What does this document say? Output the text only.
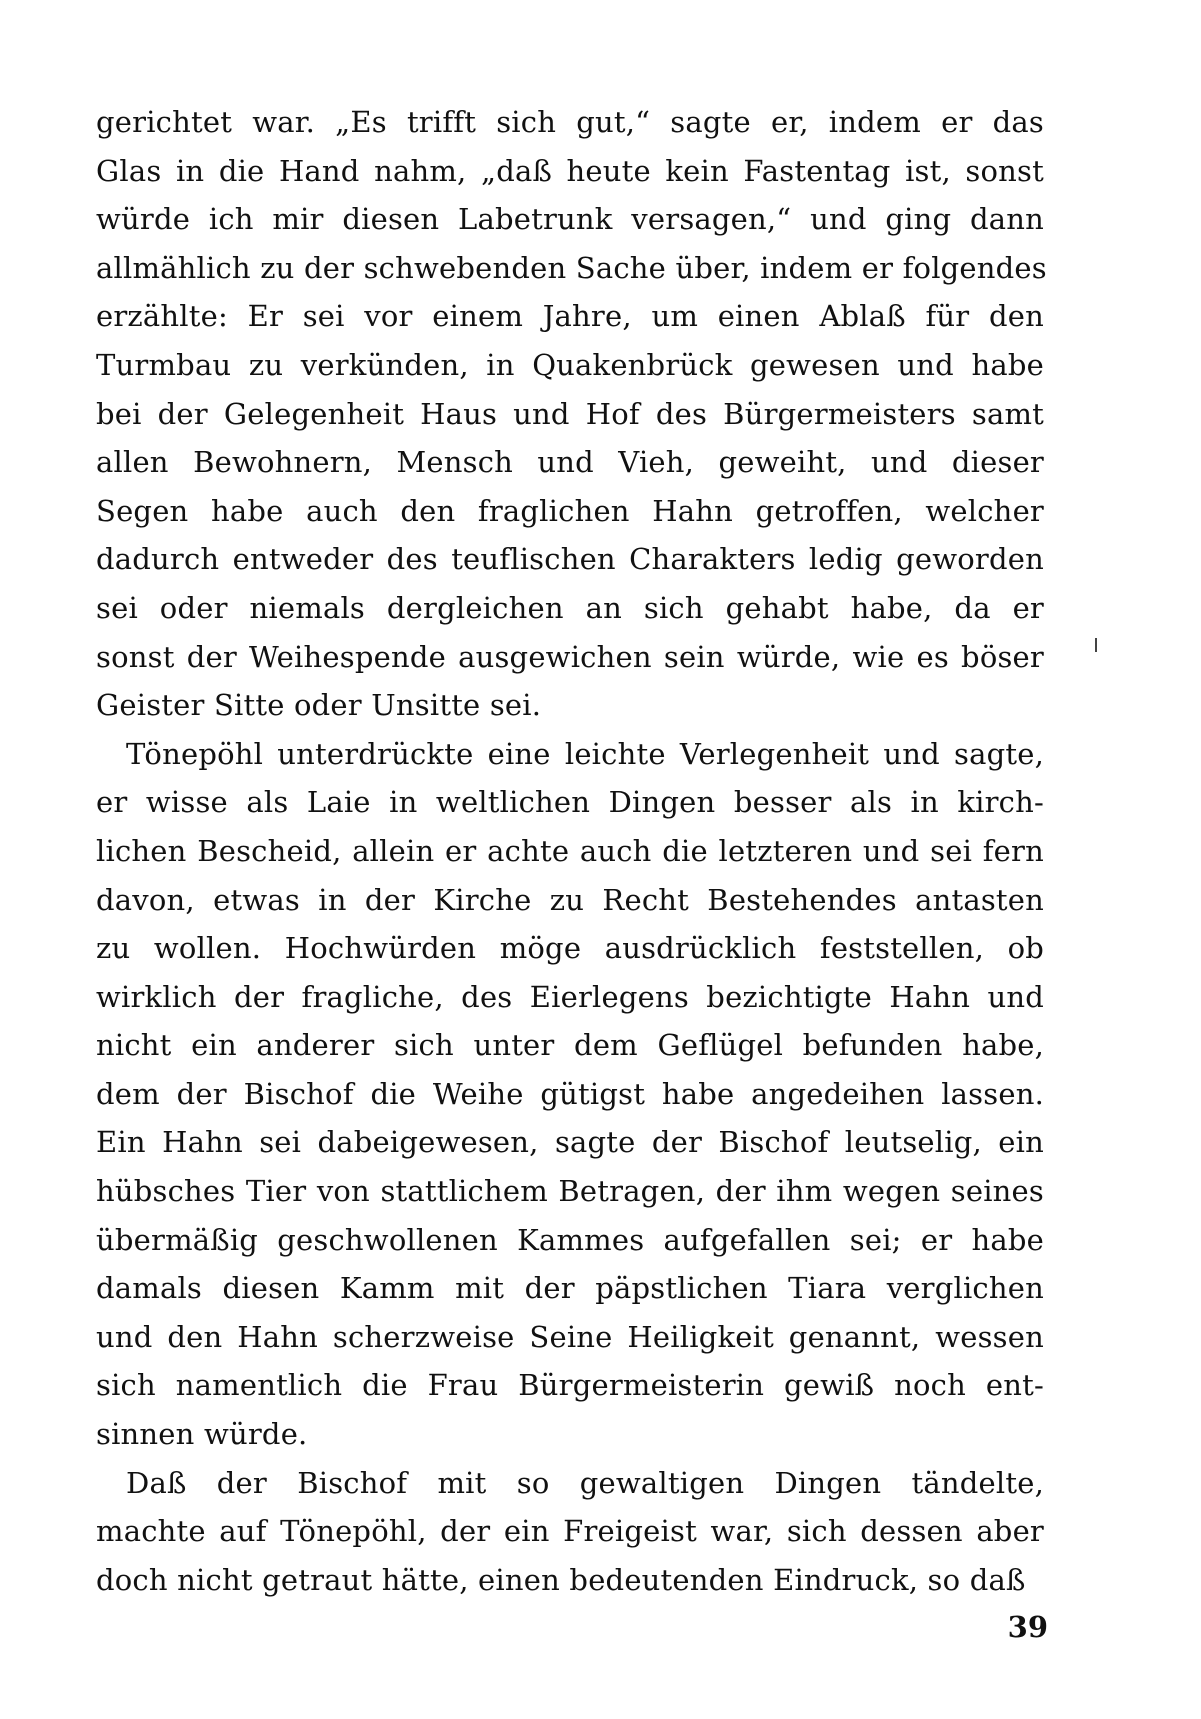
gerichtet war. „Es trifft sich gut,“ sagte er, indem er das
Glas in die Hand nahm, „daß heute kein Fastentag ist, sonst
würde ich mir diesen Labetrunk versagen,“ und ging dann
allmählich zu der schwebenden Sache über, indem er folgendes
erzählte: Er sei vor einem Jahre, um einen Ablaß für den
Turmbau zu verkünden, in Quakenbrück gewesen und habe
bei der Gelegenheit Haus und Hof des Bürgermeisters samt
allen Bewohnern, Mensch und Vieh, geweiht, und dieser
Segen habe auch den fraglichen Hahn getroffen, welcher
dadurch entweder des teuflischen Charakters ledig geworden
sei oder niemals dergleichen an sich gehabt habe, da er
sonst der Weihespende ausgewichen sein würde, wie es böser
Geister Sitte oder Unsitte sei.
Tönepöhl unterdrückte eine leichte Verlegenheit und sagte,
er wisse als Laie in weltlichen Dingen besser als in kirch-
lichen Bescheid, allein er achte auch die letzteren und sei fern
davon, etwas in der Kirche zu Recht Bestehendes antasten
zu wollen. Hochwürden möge ausdrücklich feststellen, ob
wirklich der fragliche, des Eierlegens bezichtigte Hahn und
nicht ein anderer sich unter dem Geflügel befunden habe,
dem der Bischof die Weihe gütigst habe angedeihen lassen.
Ein Hahn sei dabeigewesen, sagte der Bischof leutselig, ein
hübsches Tier von stattlichem Betragen, der ihm wegen seines
übermäßig geschwollenen Kammes aufgefallen sei; er habe
damals diesen Kamm mit der päpstlichen Tiara verglichen
und den Hahn scherzweise Seine Heiligkeit genannt, wessen
sich namentlich die Frau Bürgermeisterin gewiß noch ent-
sinnen würde.
Daß der Bischof mit so gewaltigen Dingen tändelte,
machte auf Tönepöhl, der ein Freigeist war, sich dessen aber
doch nicht getraut hätte, einen bedeutenden Eindruck, so daß
39
